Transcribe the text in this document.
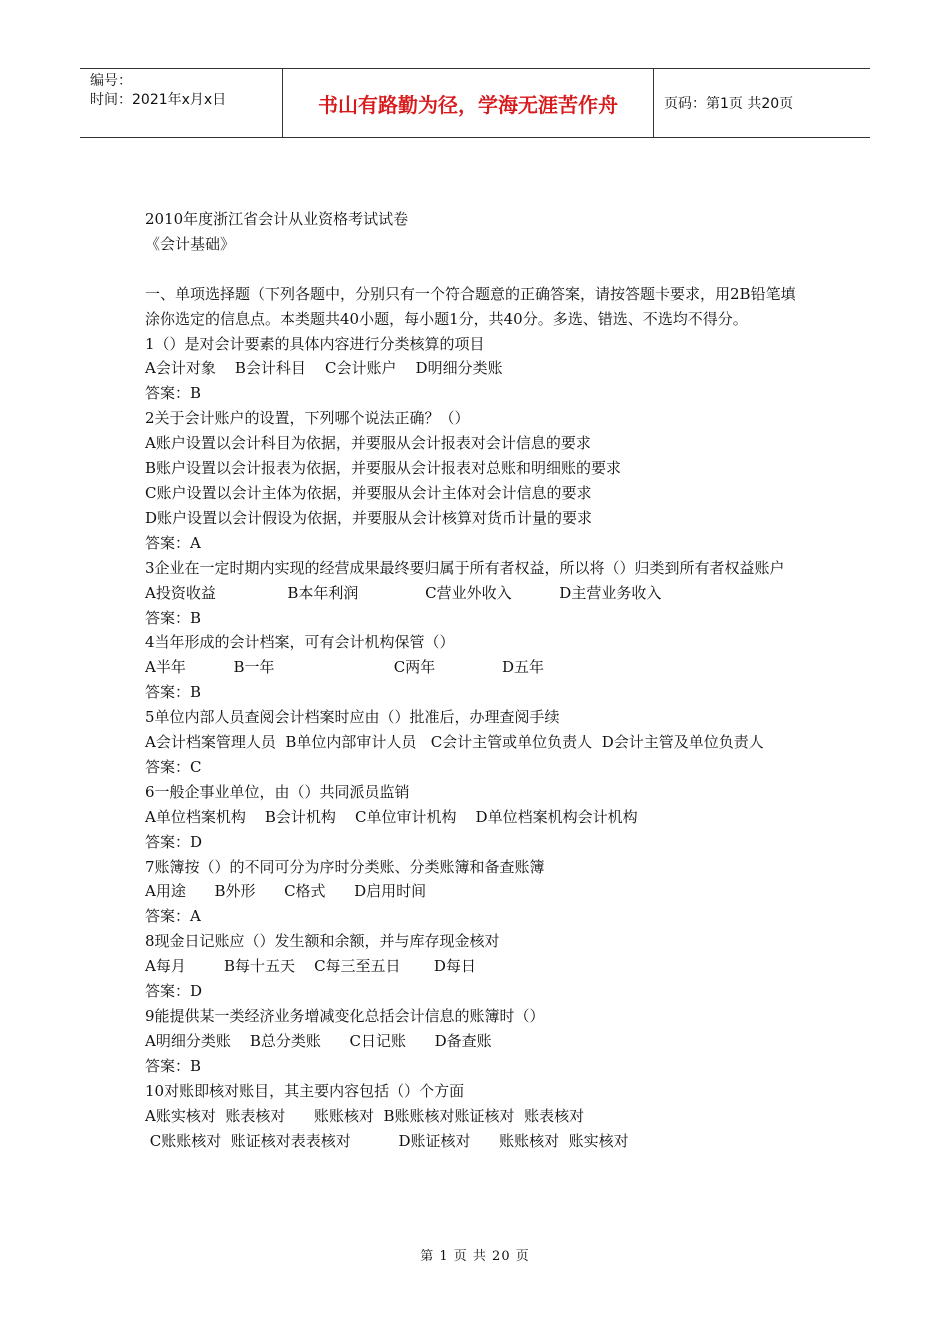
编号：
时间：2021年x月x日	书山有路勤为径，学海无涯苦作舟	页码：第1页 共20页

2010年度浙江省会计从业资格考试试卷

《会计基础》

一、单项选择题（下列各题中，分别只有一个符合题意的正确答案，请按答题卡要求，用2B铅笔填涂你选定的信息点。本类题共40小题，每小题1分，共40分。多选、错选、不选均不得分。

1（）是对会计要素的具体内容进行分类核算的项目

A会计对象    B会计科目    C会计账户    D明细分类账

答案：B

2关于会计账户的设置，下列哪个说法正确？（）

A账户设置以会计科目为依据，并要服从会计报表对会计信息的要求

B账户设置以会计报表为依据，并要服从会计报表对总账和明细账的要求

C账户设置以会计主体为依据，并要服从会计主体对会计信息的要求

D账户设置以会计假设为依据，并要服从会计核算对货币计量的要求

答案：A

3企业在一定时期内实现的经营成果最终要归属于所有者权益，所以将（）归类到所有者权益账户

A投资收益               B本年利润              C营业外收入          D主营业务收入

答案：B

4当年形成的会计档案，可有会计机构保管（）

A半年          B一年                         C两年              D五年

答案：B

5单位内部人员查阅会计档案时应由（）批准后，办理查阅手续

A会计档案管理人员  B单位内部审计人员   C会计主管或单位负责人  D会计主管及单位负责人

答案：C

6一般企事业单位，由（）共同派员监销

A单位档案机构    B会计机构    C单位审计机构    D单位档案机构会计机构

答案：D

7账簿按（）的不同可分为序时分类账、分类账簿和备查账簿

A用途      B外形      C格式      D启用时间

答案：A

8现金日记账应（）发生额和余额，并与库存现金核对

A每月        B每十五天    C每三至五日       D每日

答案：D

9能提供某一类经济业务增减变化总括会计信息的账簿时（）

A明细分类账    B总分类账      C日记账      D备查账

答案：B

10对账即核对账目，其主要内容包括（）个方面

A账实核对  账表核对      账账核对  B账账核对账证核对  账表核对

C账账核对  账证核对表表核对          D账证核对      账账核对  账实核对

第 1 页 共 20 页
